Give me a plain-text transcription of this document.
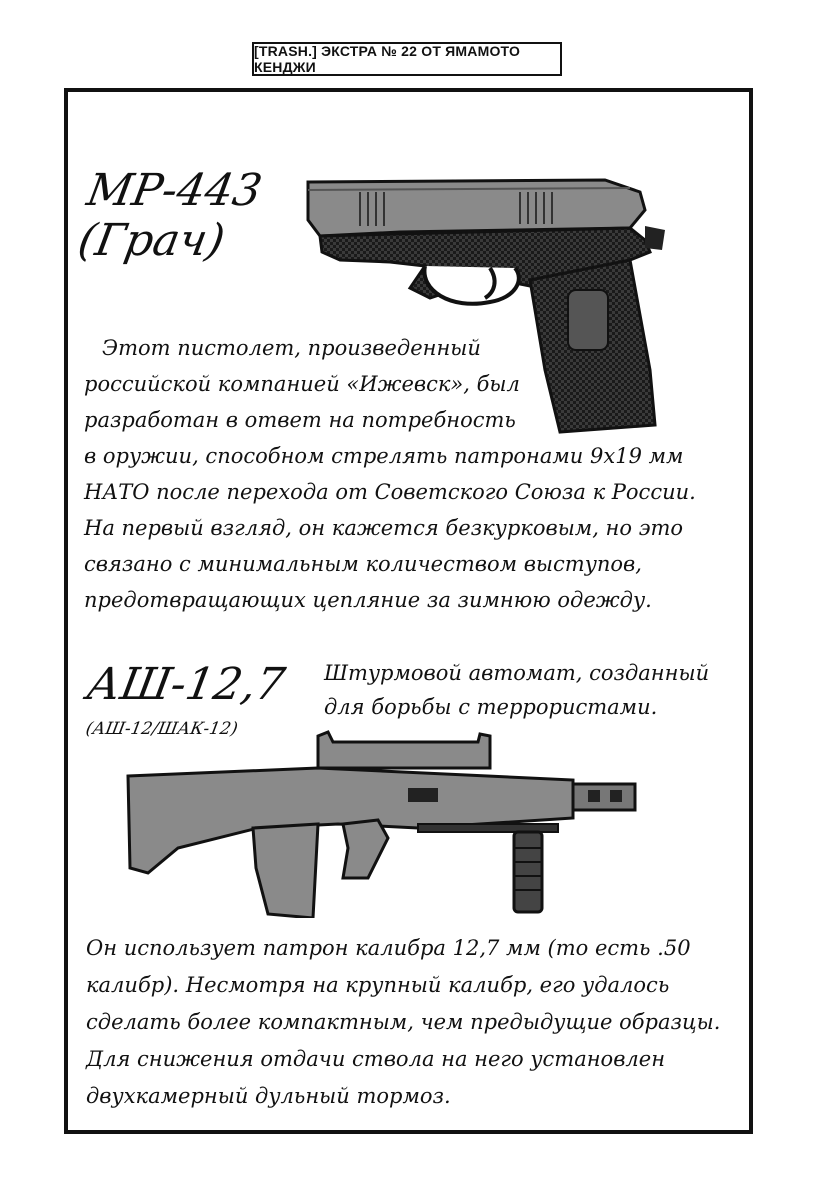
[TRASH.] ЭКСТРА № 22 ОТ ЯМАМОТО КЕНДЖИ
МР-443
(Грач)
Этот пистолет, произведенный
российской компанией «Ижевск», был
разработан в ответ на потребность
в оружии, способном стрелять патронами 9х19 мм
НАТО после перехода от Советского Союза к России.
На первый взгляд, он кажется безкурковым, но это
связано с минимальным количеством выступов,
предотвращающих цепляние за зимнюю одежду.
АШ-12,7
(АШ-12/ШАК-12)
Штурмовой автомат, созданный
для борьбы с террористами.
Он использует патрон калибра 12,7 мм (то есть .50
калибр). Несмотря на крупный калибр, его удалось
сделать более компактным, чем предыдущие образцы.
Для снижения отдачи ствола на него установлен
двухкамерный дульный тормоз.
